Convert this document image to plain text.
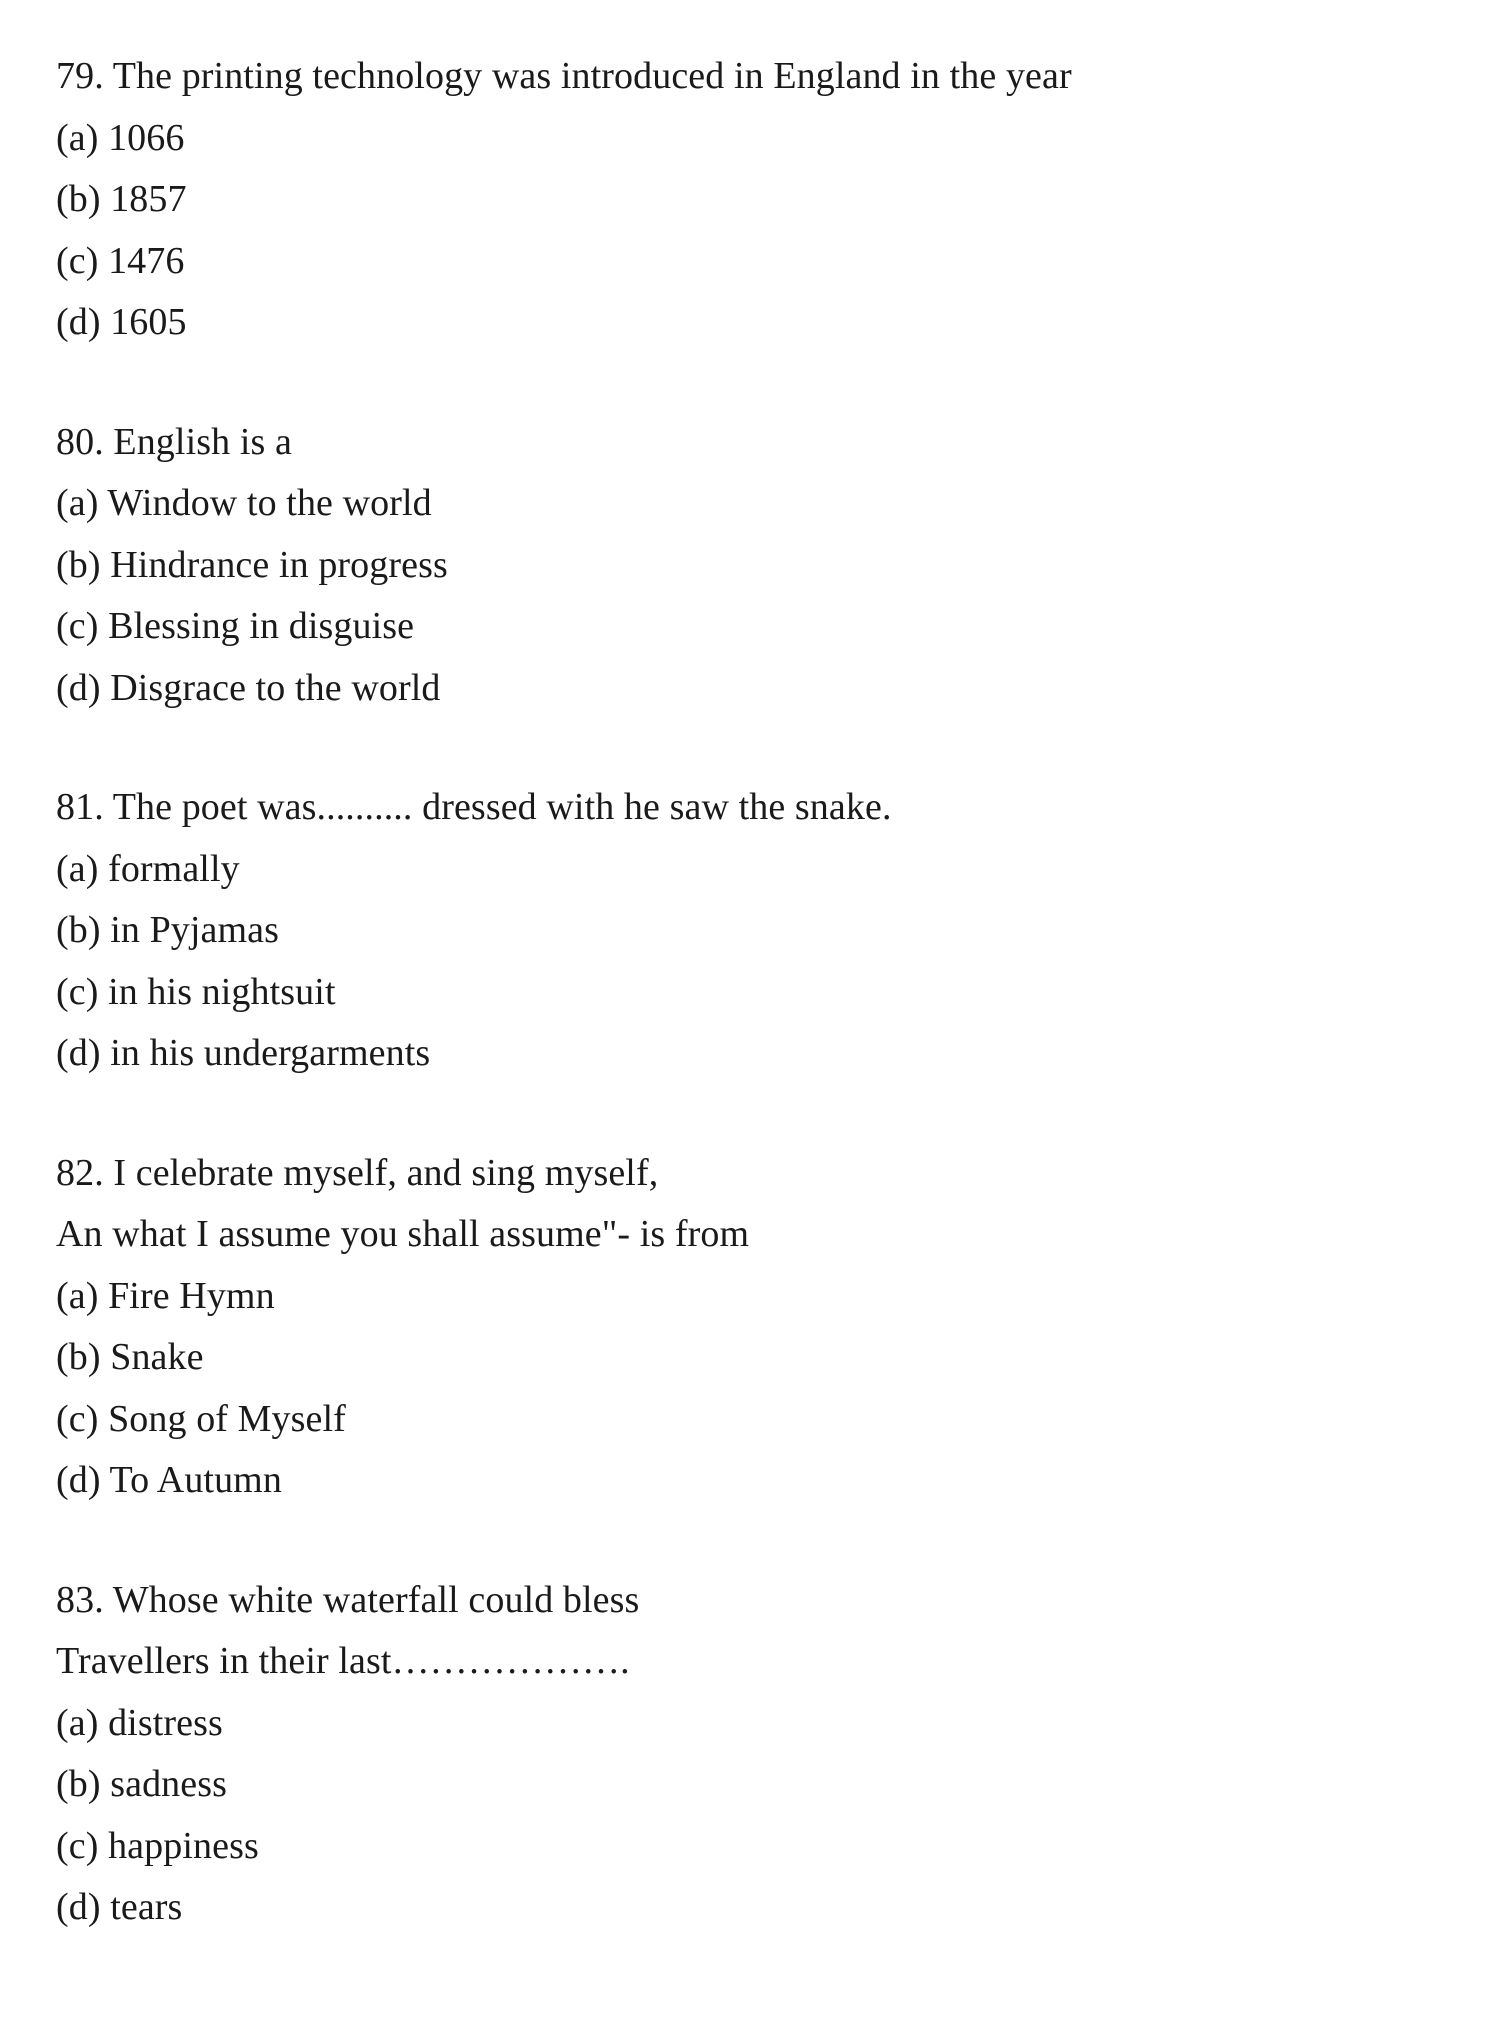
79. The printing technology was introduced in England in the year
(a) 1066
(b) 1857
(c) 1476
(d) 1605
80. English is a
(a) Window to the world
(b) Hindrance in progress
(c) Blessing in disguise
(d) Disgrace to the world
81. The poet was.......... dressed with he saw the snake.
(a) formally
(b) in Pyjamas
(c) in his nightsuit
(d) in his undergarments
82. I celebrate myself, and sing myself,
An what I assume you shall assume"- is from
(a) Fire Hymn
(b) Snake
(c) Song of Myself
(d) To Autumn
83. Whose white waterfall could bless
Travellers in their last……………….
(a) distress
(b) sadness
(c) happiness
(d) tears
